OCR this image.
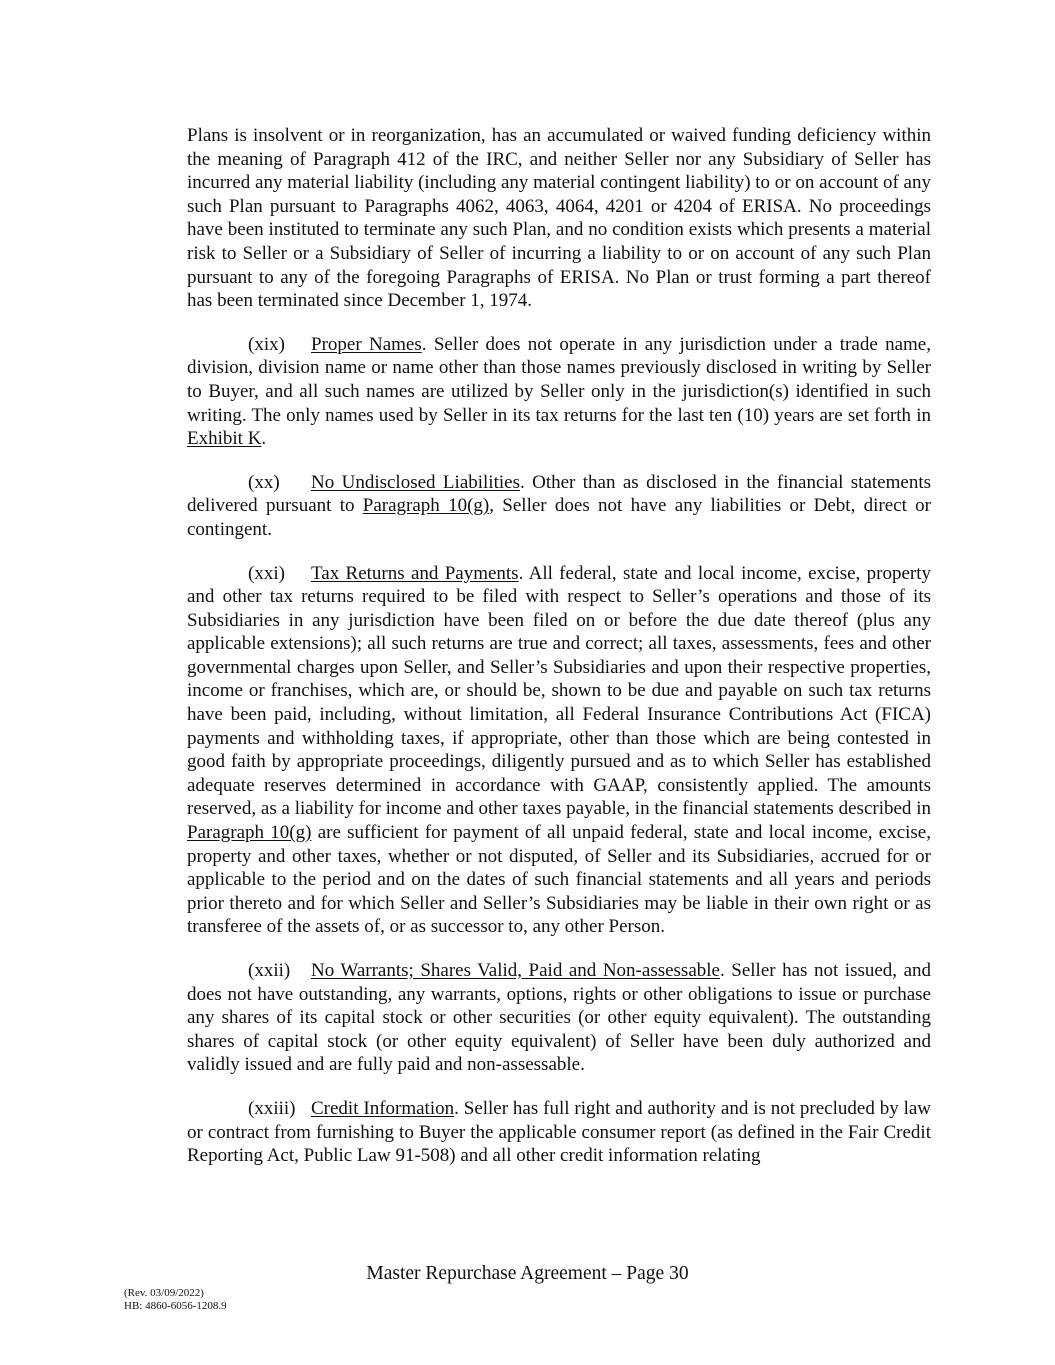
Plans is insolvent or in reorganization, has an accumulated or waived funding deficiency within the meaning of Paragraph 412 of the IRC, and neither Seller nor any Subsidiary of Seller has incurred any material liability (including any material contingent liability) to or on account of any such Plan pursuant to Paragraphs 4062, 4063, 4064, 4201 or 4204 of ERISA. No proceedings have been instituted to terminate any such Plan, and no condition exists which presents a material risk to Seller or a Subsidiary of Seller of incurring a liability to or on account of any such Plan pursuant to any of the foregoing Paragraphs of ERISA. No Plan or trust forming a part thereof has been terminated since December 1, 1974.

(xix) Proper Names. Seller does not operate in any jurisdiction under a trade name, division, division name or name other than those names previously disclosed in writing by Seller to Buyer, and all such names are utilized by Seller only in the jurisdiction(s) identified in such writing. The only names used by Seller in its tax returns for the last ten (10) years are set forth in Exhibit K.

(xx) No Undisclosed Liabilities. Other than as disclosed in the financial statements delivered pursuant to Paragraph 10(g), Seller does not have any liabilities or Debt, direct or contingent.

(xxi) Tax Returns and Payments. All federal, state and local income, excise, property and other tax returns required to be filed with respect to Seller’s operations and those of its Subsidiaries in any jurisdiction have been filed on or before the due date thereof (plus any applicable extensions); all such returns are true and correct; all taxes, assessments, fees and other governmental charges upon Seller, and Seller’s Subsidiaries and upon their respective properties, income or franchises, which are, or should be, shown to be due and payable on such tax returns have been paid, including, without limitation, all Federal Insurance Contributions Act (FICA) payments and withholding taxes, if appropriate, other than those which are being contested in good faith by appropriate proceedings, diligently pursued and as to which Seller has established adequate reserves determined in accordance with GAAP, consistently applied. The amounts reserved, as a liability for income and other taxes payable, in the financial statements described in Paragraph 10(g) are sufficient for payment of all unpaid federal, state and local income, excise, property and other taxes, whether or not disputed, of Seller and its Subsidiaries, accrued for or applicable to the period and on the dates of such financial statements and all years and periods prior thereto and for which Seller and Seller’s Subsidiaries may be liable in their own right or as transferee of the assets of, or as successor to, any other Person.

(xxii) No Warrants; Shares Valid, Paid and Non-assessable. Seller has not issued, and does not have outstanding, any warrants, options, rights or other obligations to issue or purchase any shares of its capital stock or other securities (or other equity equivalent). The outstanding shares of capital stock (or other equity equivalent) of Seller have been duly authorized and validly issued and are fully paid and non-assessable.

(xxiii) Credit Information. Seller has full right and authority and is not precluded by law or contract from furnishing to Buyer the applicable consumer report (as defined in the Fair Credit Reporting Act, Public Law 91-508) and all other credit information relating

Master Repurchase Agreement – Page 30
(Rev. 03/09/2022)
HB: 4860-6056-1208.9
